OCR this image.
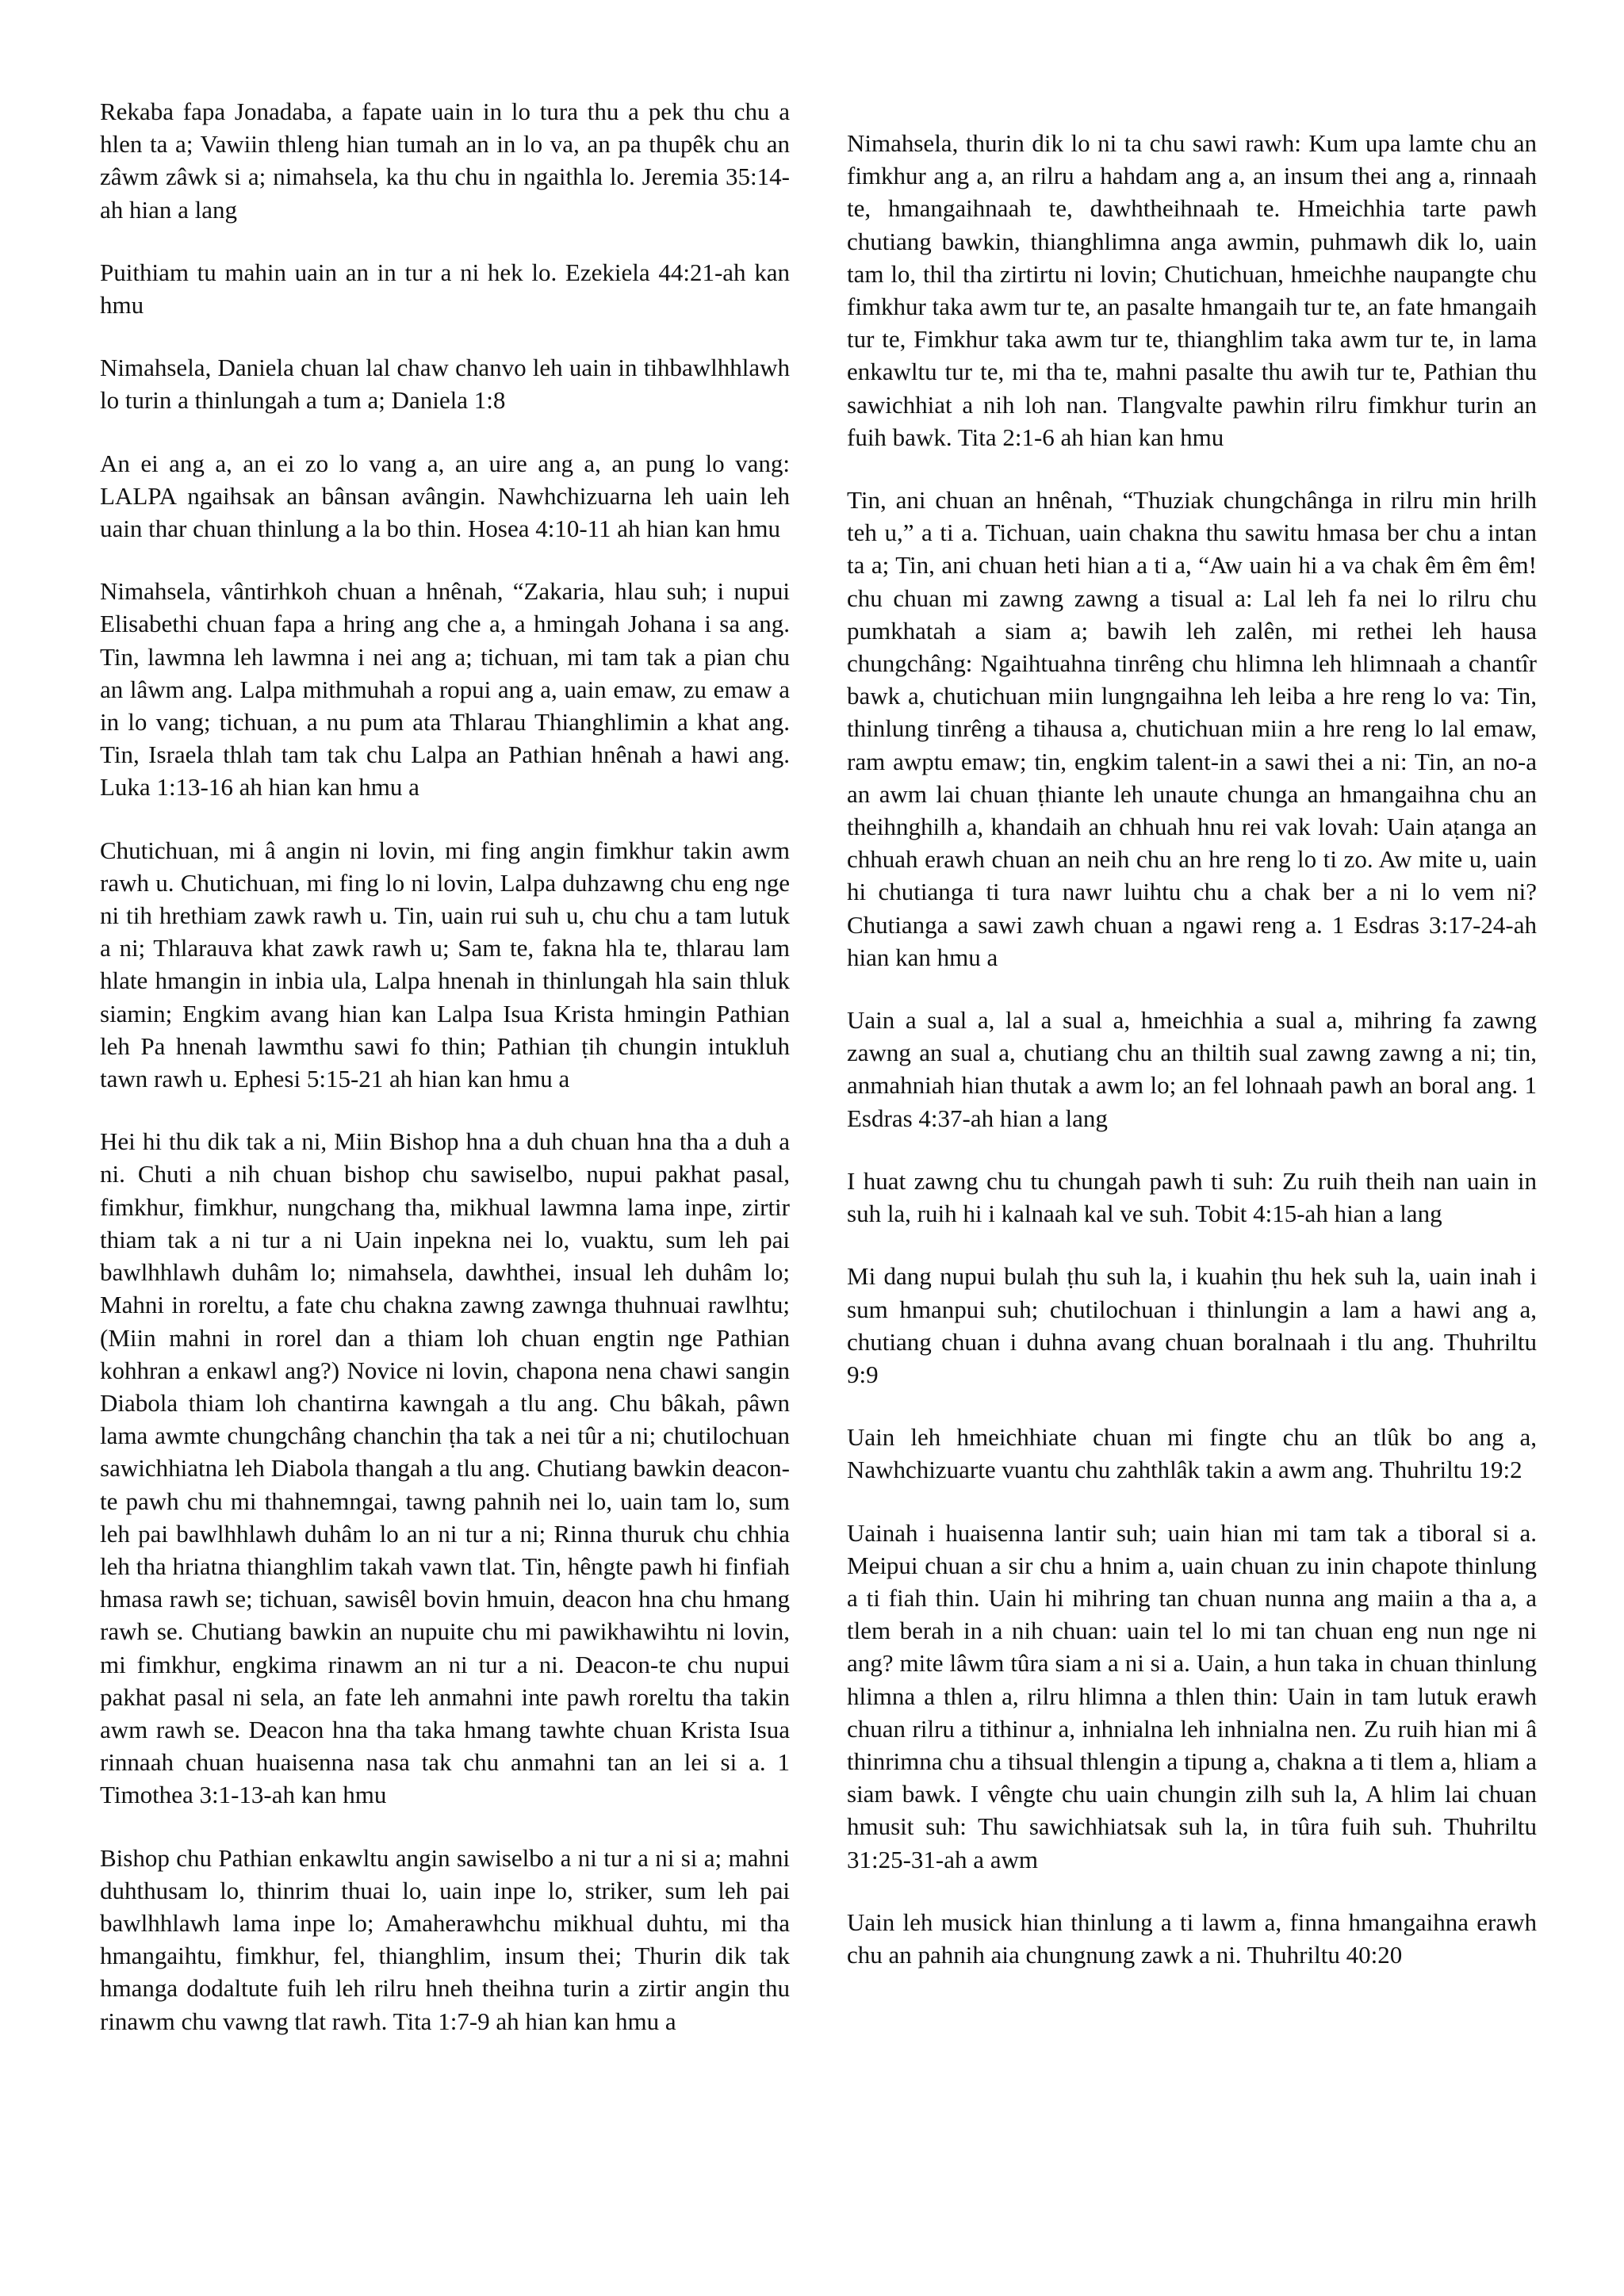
Rekaba fapa Jonadaba, a fapate uain in lo tura thu a pek thu chu a hlen ta a; Vawiin thleng hian tumah an in lo va, an pa thupêk chu an zâwm zâwk si a; nimahsela, ka thu chu in ngaithla lo. Jeremia 35:14-ah hian a lang

Puithiam tu mahin uain an in tur a ni hek lo. Ezekiela 44:21-ah kan hmu

Nimahsela, Daniela chuan lal chaw chanvo leh uain in tihbawlhhlawh lo turin a thinlungah a tum a; Daniela 1:8

An ei ang a, an ei zo lo vang a, an uire ang a, an pung lo vang: LALPA ngaihsak an bânsan avângin. Nawhchizuarna leh uain leh uain thar chuan thinlung a la bo thin. Hosea 4:10-11 ah hian kan hmu

Nimahsela, vântirhkoh chuan a hnênah, “Zakaria, hlau suh; i nupui Elisabethi chuan fapa a hring ang che a, a hmingah Johana i sa ang. Tin, lawmna leh lawmna i nei ang a; tichuan, mi tam tak a pian chu an lâwm ang. Lalpa mithmuhah a ropui ang a, uain emaw, zu emaw a in lo vang; tichuan, a nu pum ata Thlarau Thianghlimin a khat ang. Tin, Israela thlah tam tak chu Lalpa an Pathian hnênah a hawi ang. Luka 1:13-16 ah hian kan hmu a

Chutichuan, mi â angin ni lovin, mi fing angin fimkhur takin awm rawh u. Chutichuan, mi fing lo ni lovin, Lalpa duhzawng chu eng nge ni tih hrethiam zawk rawh u. Tin, uain rui suh u, chu chu a tam lutuk a ni; Thlarauva khat zawk rawh u; Sam te, fakna hla te, thlarau lam hlate hmangin in inbia ula, Lalpa hnenah in thinlungah hla sain thluk siamin; Engkim avang hian kan Lalpa Isua Krista hmingin Pathian leh Pa hnenah lawmthu sawi fo thin; Pathian ṭih chungin intukluh tawn rawh u. Ephesi 5:15-21 ah hian kan hmu a

Hei hi thu dik tak a ni, Miin Bishop hna a duh chuan hna tha a duh a ni. Chuti a nih chuan bishop chu sawiselbo, nupui pakhat pasal, fimkhur, fimkhur, nungchang tha, mikhual lawmna lama inpe, zirtir thiam tak a ni tur a ni Uain inpekna nei lo, vuaktu, sum leh pai bawlhhlawh duhâm lo; nimahsela, dawhthei, insual leh duhâm lo; Mahni in roreltu, a fate chu chakna zawng zawnga thuhnuai rawlhtu; (Miin mahni in rorel dan a thiam loh chuan engtin nge Pathian kohhran a enkawl ang?) Novice ni lovin, chapona nena chawi sangin Diabola thiam loh chantirna kawngah a tlu ang. Chu bâkah, pâwn lama awmte chungchâng chanchin ṭha tak a nei tûr a ni; chutilochuan sawichhiatna leh Diabola thangah a tlu ang. Chutiang bawkin deacon-te pawh chu mi thahnemngai, tawng pahnih nei lo, uain tam lo, sum leh pai bawlhhlawh duhâm lo an ni tur a ni; Rinna thuruk chu chhia leh tha hriatna thianghlim takah vawn tlat. Tin, hêngte pawh hi finfiah hmasa rawh se; tichuan, sawisêl bovin hmuin, deacon hna chu hmang rawh se. Chutiang bawkin an nupuite chu mi pawikhawihtu ni lovin, mi fimkhur, engkima rinawm an ni tur a ni. Deacon-te chu nupui pakhat pasal ni sela, an fate leh anmahni inte pawh roreltu tha takin awm rawh se. Deacon hna tha taka hmang tawhte chuan Krista Isua rinnaah chuan huaisenna nasa tak chu anmahni tan an lei si a. 1 Timothea 3:1-13-ah kan hmu

Bishop chu Pathian enkawltu angin sawiselbo a ni tur a ni si a; mahni duhthusam lo, thinrim thuai lo, uain inpe lo, striker, sum leh pai bawlhhlawh lama inpe lo; Amaherawhchu mikhual duhtu, mi tha hmangaihtu, fimkhur, fel, thianghlim, insum thei; Thurin dik tak hmanga dodaltute fuih leh rilru hneh theihna turin a zirtir angin thu rinawm chu vawng tlat rawh. Tita 1:7-9 ah hian kan hmu a

Nimahsela, thurin dik lo ni ta chu sawi rawh: Kum upa lamte chu an fimkhur ang a, an rilru a hahdam ang a, an insum thei ang a, rinnaah te, hmangaihnaah te, dawhtheihnaah te. Hmeichhia tarte pawh chutiang bawkin, thianghlimna anga awmin, puhmawh dik lo, uain tam lo, thil tha zirtirtu ni lovin; Chutichuan, hmeichhe naupangte chu fimkhur taka awm tur te, an pasalte hmangaih tur te, an fate hmangaih tur te, Fimkhur taka awm tur te, thianghlim taka awm tur te, in lama enkawltu tur te, mi tha te, mahni pasalte thu awih tur te, Pathian thu sawichhiat a nih loh nan. Tlangvalte pawhin rilru fimkhur turin an fuih bawk. Tita 2:1-6 ah hian kan hmu

Tin, ani chuan an hnênah, “Thuziak chungchânga in rilru min hrilh teh u,” a ti a. Tichuan, uain chakna thu sawitu hmasa ber chu a intan ta a; Tin, ani chuan heti hian a ti a, “Aw uain hi a va chak êm êm êm! chu chuan mi zawng zawng a tisual a: Lal leh fa nei lo rilru chu pumkhatah a siam a; bawih leh zalên, mi rethei leh hausa chungchâng: Ngaihtuahna tinrêng chu hlimna leh hlimnaah a chantîr bawk a, chutichuan miin lungngaihna leh leiba a hre reng lo va: Tin, thinlung tinrêng a tihausa a, chutichuan miin a hre reng lo lal emaw, ram awptu emaw; tin, engkim talent-in a sawi thei a ni: Tin, an no-a an awm lai chuan ṭhiante leh unaute chunga an hmangaihna chu an theihnghilh a, khandaih an chhuah hnu rei vak lovah: Uain aṭanga an chhuah erawh chuan an neih chu an hre reng lo ti zo. Aw mite u, uain hi chutianga ti tura nawr luihtu chu a chak ber a ni lo vem ni? Chutianga a sawi zawh chuan a ngawi reng a. 1 Esdras 3:17-24-ah hian kan hmu a

Uain a sual a, lal a sual a, hmeichhia a sual a, mihring fa zawng zawng an sual a, chutiang chu an thiltih sual zawng zawng a ni; tin, anmahniah hian thutak a awm lo; an fel lohnaah pawh an boral ang. 1 Esdras 4:37-ah hian a lang

I huat zawng chu tu chungah pawh ti suh: Zu ruih theih nan uain in suh la, ruih hi i kalnaah kal ve suh. Tobit 4:15-ah hian a lang

Mi dang nupui bulah ṭhu suh la, i kuahin ṭhu hek suh la, uain inah i sum hmanpui suh; chutilochuan i thinlungin a lam a hawi ang a, chutiang chuan i duhna avang chuan boralnaah i tlu ang. Thuhriltu 9:9

Uain leh hmeichhiate chuan mi fingte chu an tlûk bo ang a, Nawhchizuarte vuantu chu zahthlâk takin a awm ang. Thuhriltu 19:2

Uainah i huaisenna lantir suh; uain hian mi tam tak a tiboral si a. Meipui chuan a sir chu a hnim a, uain chuan zu inin chapote thinlung a ti fiah thin. Uain hi mihring tan chuan nunna ang maiin a tha a, a tlem berah in a nih chuan: uain tel lo mi tan chuan eng nun nge ni ang? mite lâwm tûra siam a ni si a. Uain, a hun taka in chuan thinlung hlimna a thlen a, rilru hlimna a thlen thin: Uain in tam lutuk erawh chuan rilru a tithinur a, inhnialna leh inhnialna nen. Zu ruih hian mi â thinrimna chu a tihsual thlengin a tipung a, chakna a ti tlem a, hliam a siam bawk. I vêngte chu uain chungin zilh suh la, A hlim lai chuan hmusit suh: Thu sawichhiatsak suh la, in tûra fuih suh. Thuhriltu 31:25-31-ah a awm

Uain leh musick hian thinlung a ti lawm a, finna hmangaihna erawh chu an pahnih aia chungnung zawk a ni. Thuhriltu 40:20
